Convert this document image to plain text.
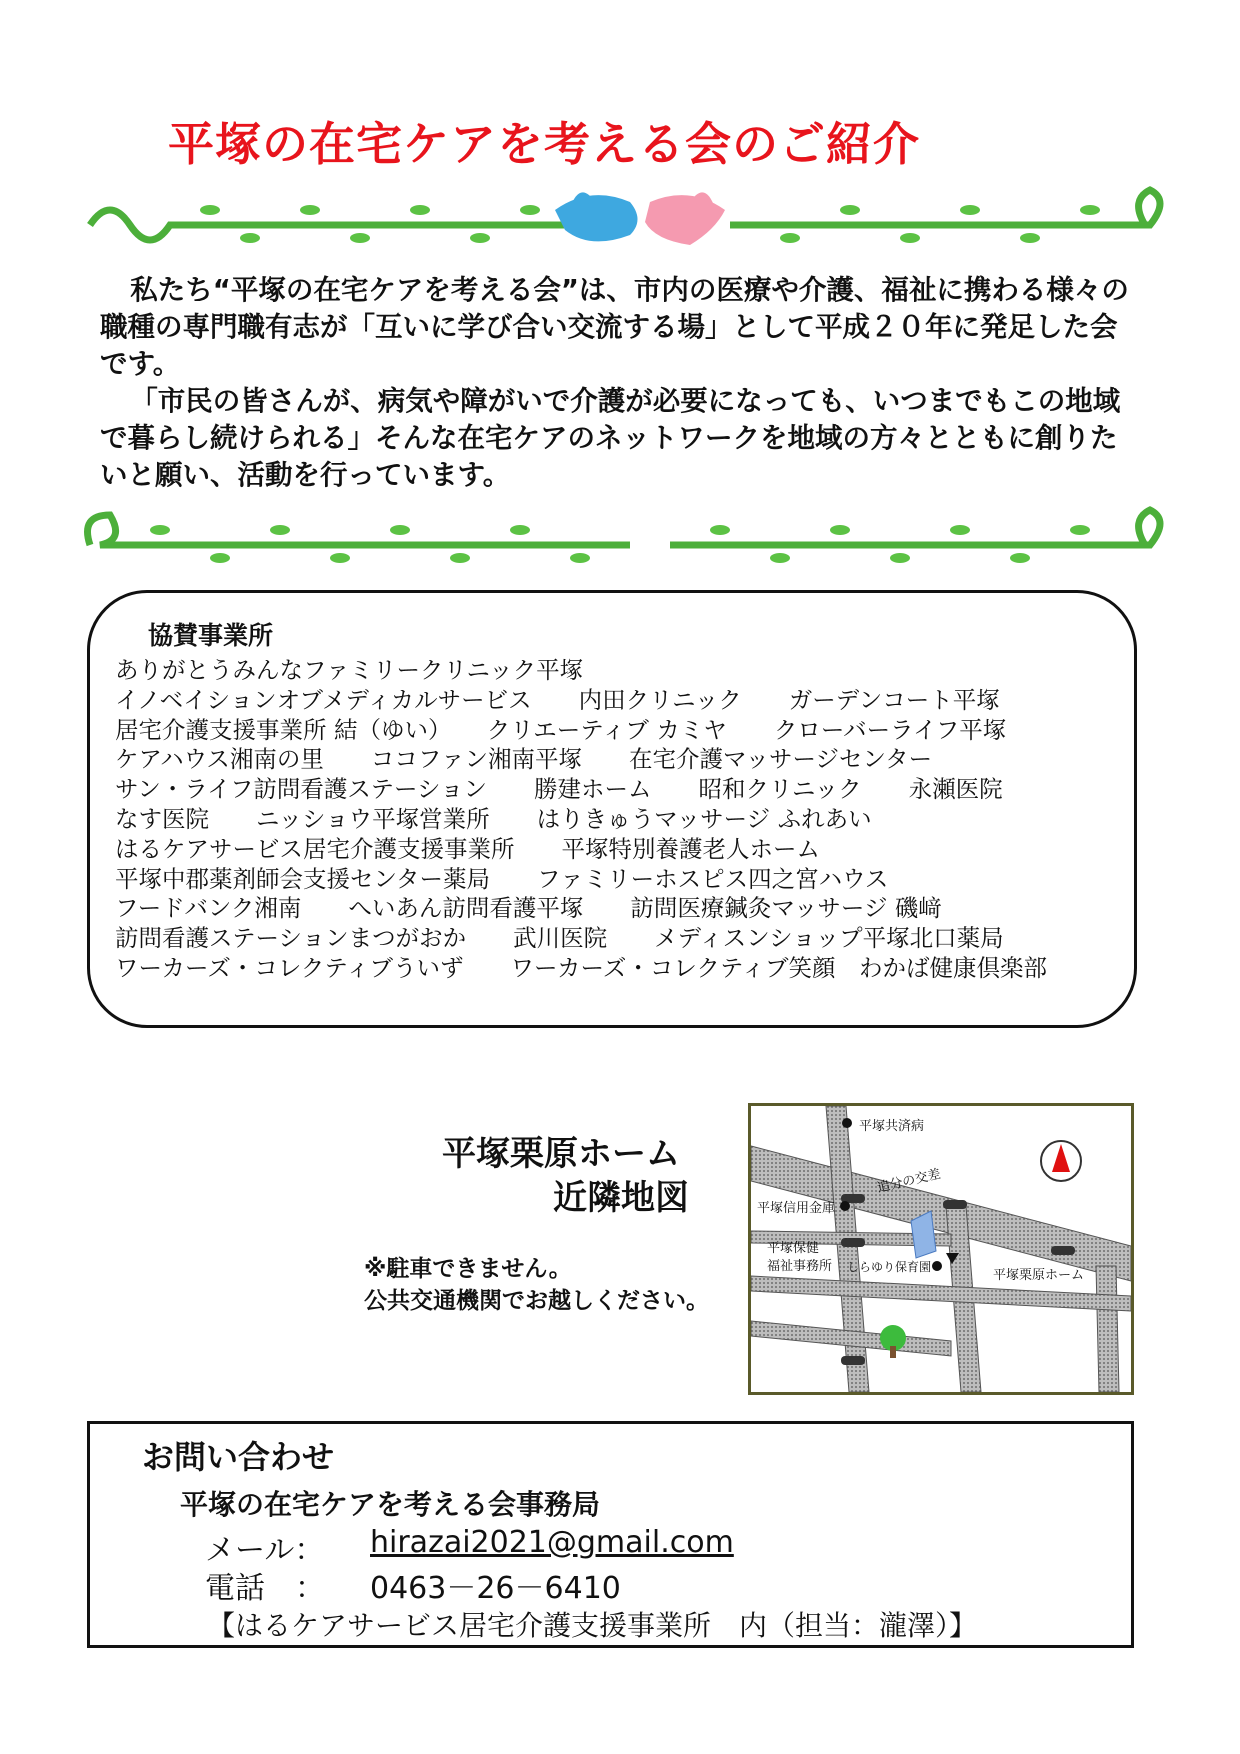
平塚の在宅ケアを考える会のご紹介

私たち“平塚の在宅ケアを考える会”は、市内の医療や介護、福祉に携わる様々の職種の専門職有志が「互いに学び合い交流する場」として平成２０年に発足した会です。

「市民の皆さんが、病気や障がいで介護が必要になっても、いつまでもこの地域で暮らし続けられる」そんな在宅ケアのネットワークを地域の方々とともに創りたいと願い、活動を行っています。

協賛事業所
ありがとうみんなファミリークリニック平塚
イノベイションオブメディカルサービス　　内田クリニック　　ガーデンコート平塚
居宅介護支援事業所 結（ゆい）　　クリエーティブ カミヤ　　クローバーライフ平塚
ケアハウス湘南の里　　ココファン湘南平塚　　在宅介護マッサージセンター
サン・ライフ訪問看護ステーション　　勝建ホーム　　昭和クリニック　　永瀬医院
なす医院　　ニッショウ平塚営業所　　はりきゅうマッサージ ふれあい
はるケアサービス居宅介護支援事業所　　平塚特別養護老人ホーム
平塚中郡薬剤師会支援センター薬局　　ファミリーホスピス四之宮ハウス
フードバンク湘南　　へいあん訪問看護平塚　　訪問医療鍼灸マッサージ 磯﨑
訪問看護ステーションまつがおか　　武川医院　　メディスンショップ平塚北口薬局
ワーカーズ・コレクティブういず　　ワーカーズ・コレクティブ笑顔　わかば健康倶楽部
平塚栗原ホーム
近隣地図
※駐車できません。
公共交通機関でお越しください。
平塚共済病
追分の交差
平塚信用金庫
平塚保健
福祉事務所 しらゆり保育園
平塚栗原ホーム
お問い合わせ
平塚の在宅ケアを考える会事務局
メール： hirazai2021@gmail.com
電話　： 0463－26－6410
【はるケアサービス居宅介護支援事業所　内（担当：瀧澤）】
